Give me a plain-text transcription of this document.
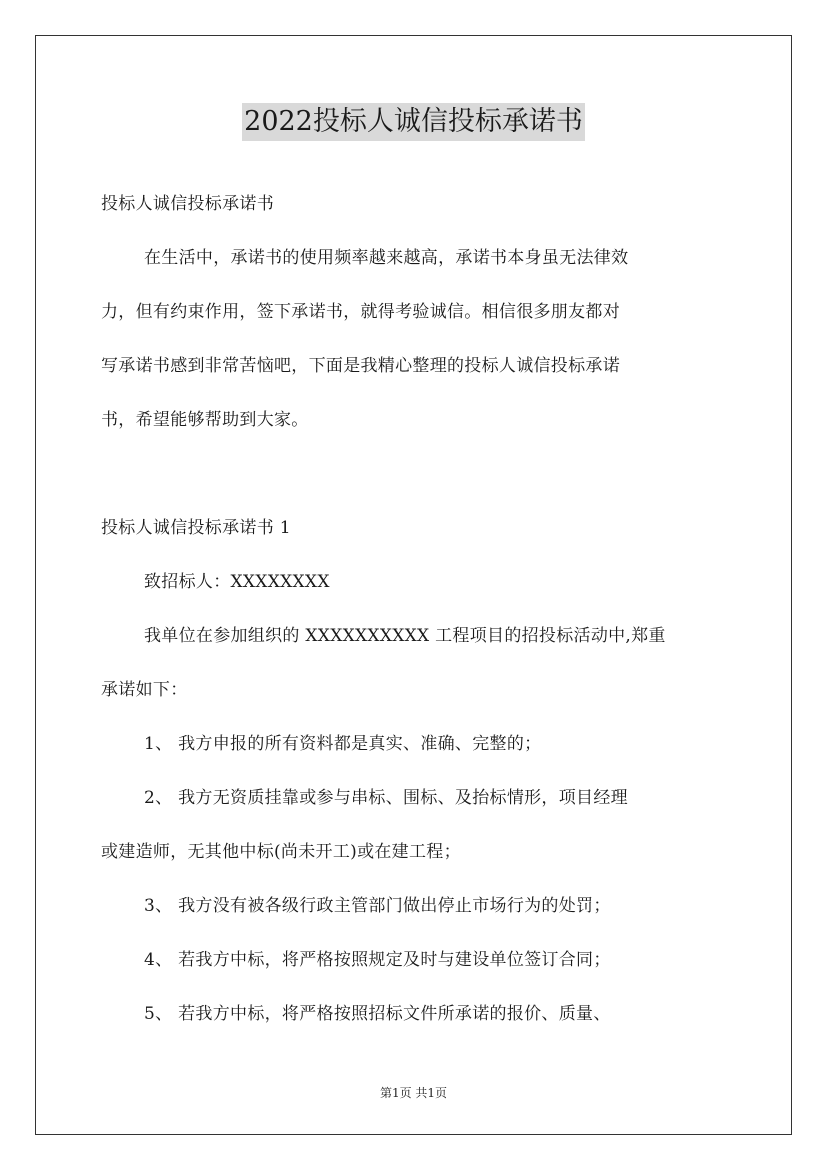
2022投标人诚信投标承诺书
投标人诚信投标承诺书
在生活中，承诺书的使用频率越来越高，承诺书本身虽无法律效
力，但有约束作用，签下承诺书，就得考验诚信。相信很多朋友都对
写承诺书感到非常苦恼吧，下面是我精心整理的投标人诚信投标承诺
书，希望能够帮助到大家。
投标人诚信投标承诺书 1
致招标人：XXXXXXXX
我单位在参加组织的 XXXXXXXXXX 工程项目的招投标活动中,郑重
承诺如下：
1、 我方申报的所有资料都是真实、准确、完整的；
2、 我方无资质挂靠或参与串标、围标、及抬标情形，项目经理
或建造师，无其他中标(尚未开工)或在建工程；
3、 我方没有被各级行政主管部门做出停止市场行为的处罚；
4、 若我方中标，将严格按照规定及时与建设单位签订合同；
5、 若我方中标，将严格按照招标文件所承诺的报价、质量、
第1页 共1页
